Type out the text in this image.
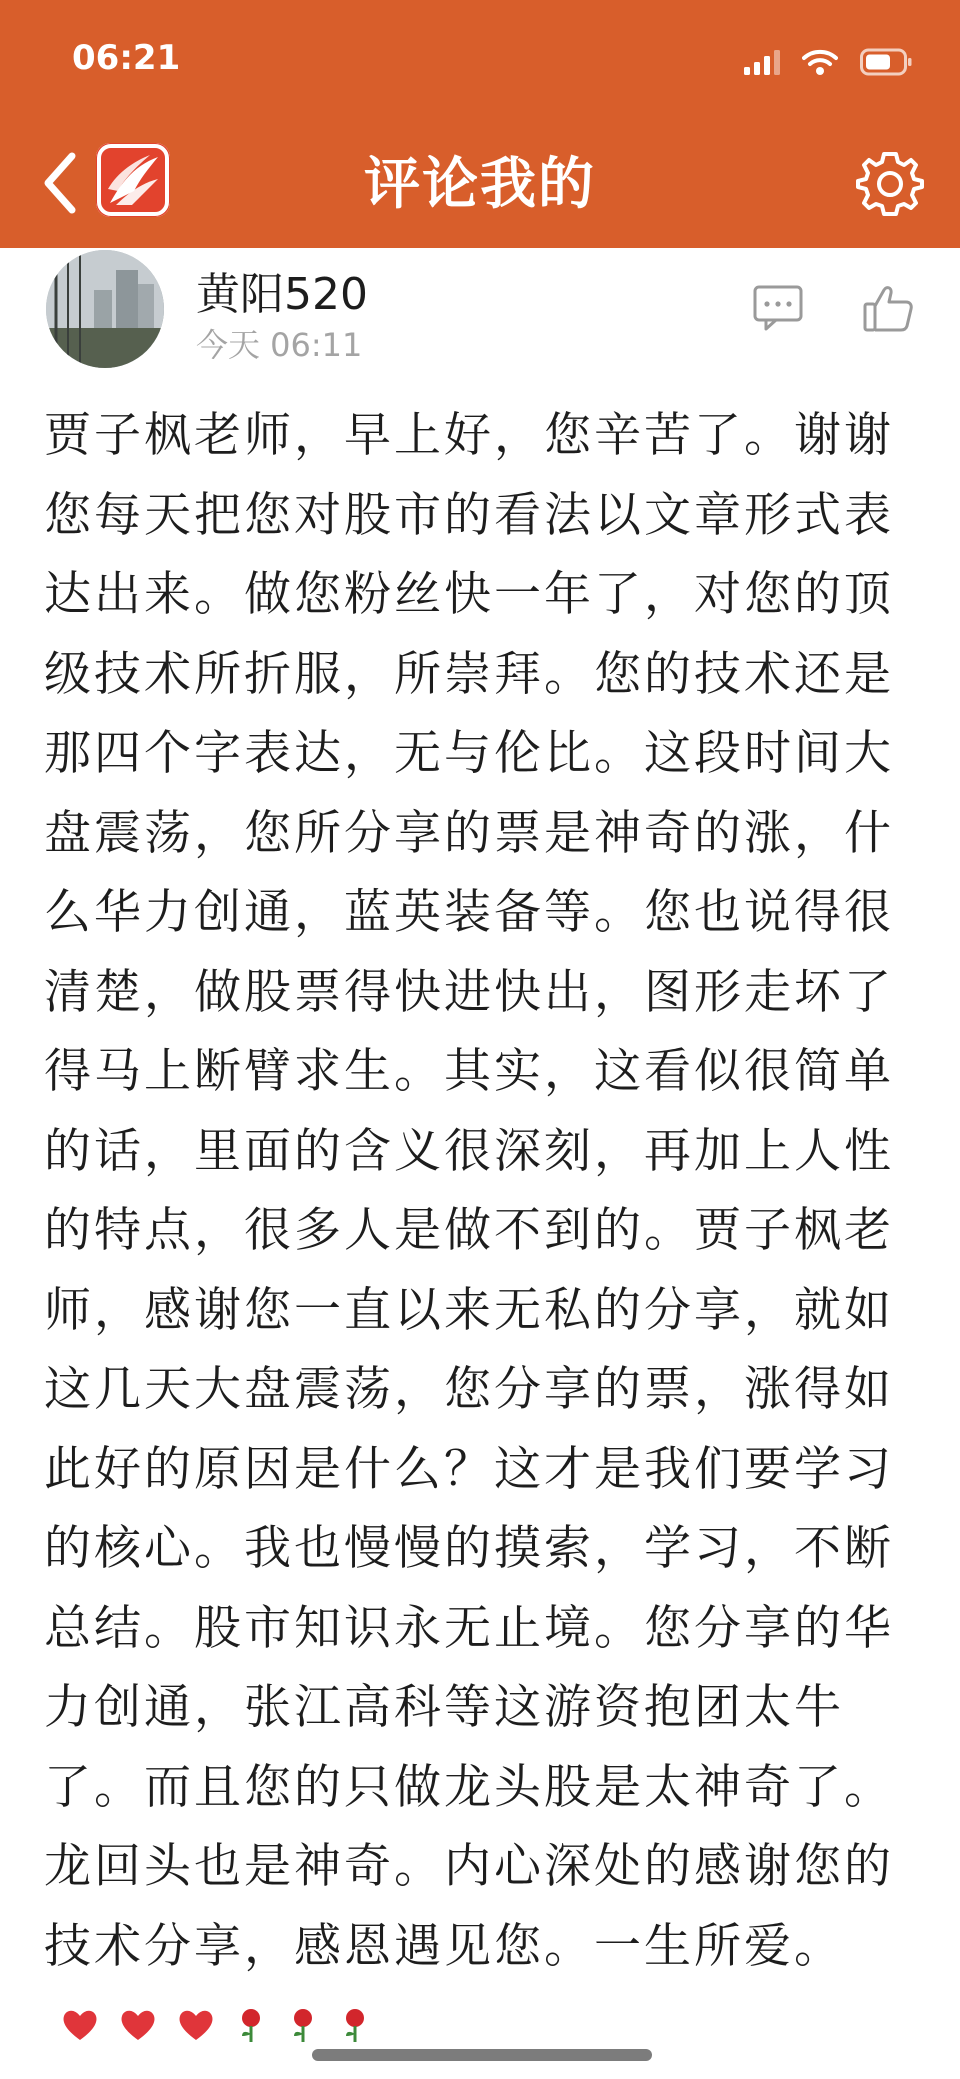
06:21
评论我的
黄阳520
今天 06:11
贾子枫老师，早上好，您辛苦了。谢谢您每天把您对股市的看法以文章形式表达出来。做您粉丝快一年了，对您的顶级技术所折服，所崇拜。您的技术还是那四个字表达，无与伦比。这段时间大盘震荡，您所分享的票是神奇的涨，什么华力创通，蓝英装备等。您也说得很清楚，做股票得快进快出，图形走坏了得马上断臂求生。其实，这看似很简单的话，里面的含义很深刻，再加上人性的特点，很多人是做不到的。贾子枫老师，感谢您一直以来无私的分享，就如这几天大盘震荡，您分享的票，涨得如此好的原因是什么？这才是我们要学习的核心。我也慢慢的摸索，学习，不断总结。股市知识永无止境。您分享的华力创通，张江高科等这游资抱团太牛了。而且您的只做龙头股是太神奇了。龙回头也是神奇。内心深处的感谢您的技术分享，感恩遇见您。一生所爱。
